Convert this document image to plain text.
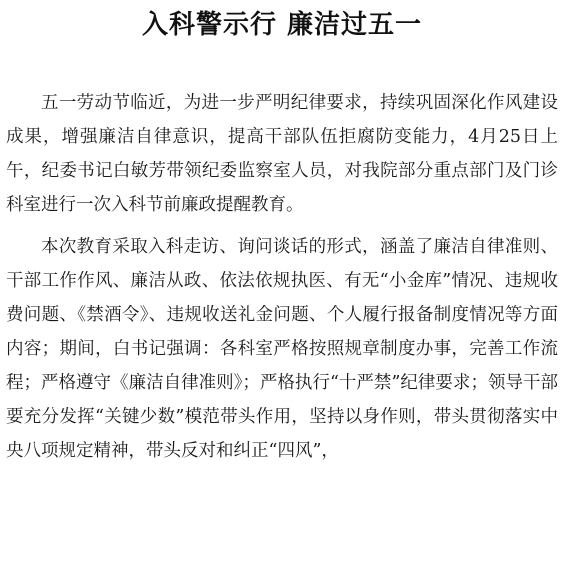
入科警示行 廉洁过五一

五一劳动节临近，为进一步严明纪律要求，持续巩固深化作风建设成果，增强廉洁自律意识，提高干部队伍拒腐防变能力，4月25日上午，纪委书记白敏芳带领纪委监察室人员，对我院部分重点部门及门诊科室进行一次入科节前廉政提醒教育。

本次教育采取入科走访、询问谈话的形式，涵盖了廉洁自律准则、干部工作作风、廉洁从政、依法依规执医、有无“小金库”情况、违规收费问题、《禁酒令》、违规收送礼金问题、个人履行报备制度情况等方面内容；期间，白书记强调：各科室严格按照规章制度办事，完善工作流程；严格遵守《廉洁自律准则》；严格执行“十严禁”纪律要求；领导干部要充分发挥“关键少数”模范带头作用，坚持以身作则，带头贯彻落实中央八项规定精神，带头反对和纠正“四风”，
